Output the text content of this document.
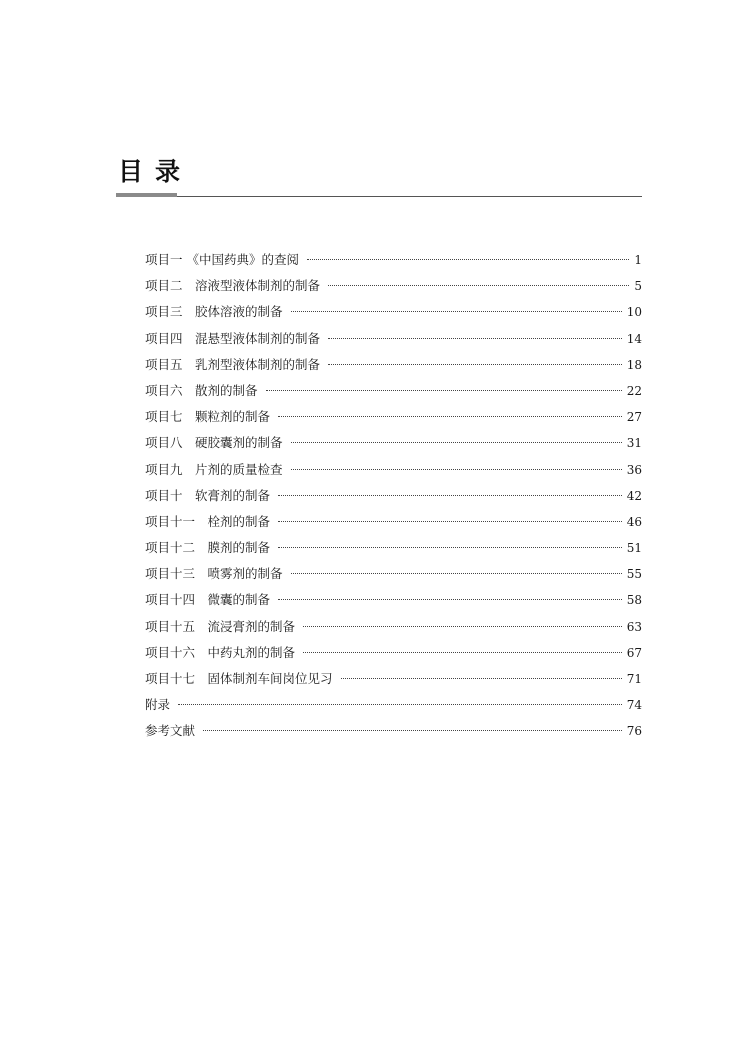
目录
项目一 《中国药典》的查阅	1
项目二　溶液型液体制剂的制备	5
项目三　胶体溶液的制备	10
项目四　混悬型液体制剂的制备	14
项目五　乳剂型液体制剂的制备	18
项目六　散剂的制备	22
项目七　颗粒剂的制备	27
项目八　硬胶囊剂的制备	31
项目九　片剂的质量检查	36
项目十　软膏剂的制备	42
项目十一　栓剂的制备	46
项目十二　膜剂的制备	51
项目十三　喷雾剂的制备	55
项目十四　微囊的制备	58
项目十五　流浸膏剂的制备	63
项目十六　中药丸剂的制备	67
项目十七　固体制剂车间岗位见习	71
附录	74
参考文献	76
